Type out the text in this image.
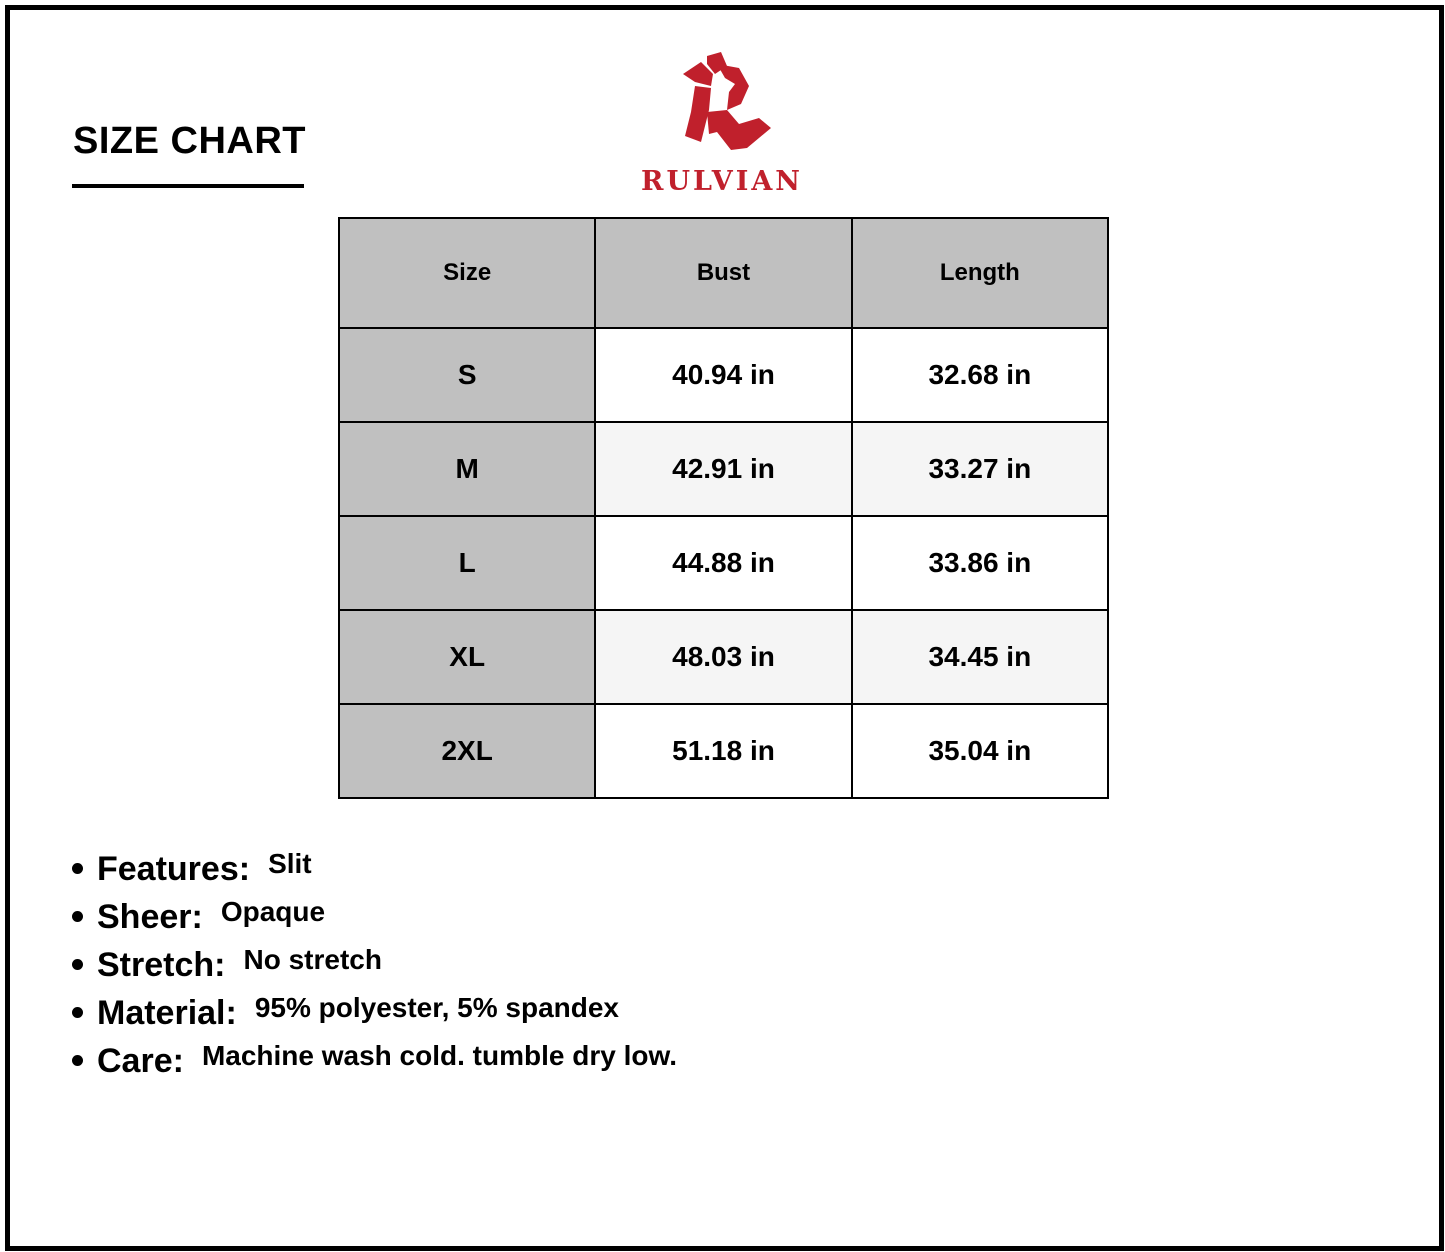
SIZE CHART
RULVIAN
Size	Bust	Length
S	40.94 in	32.68 in
M	42.91 in	33.27 in
L	44.88 in	33.86 in
XL	48.03 in	34.45 in
2XL	51.18 in	35.04 in
Features: Slit
Sheer: Opaque
Stretch: No stretch
Material: 95% polyester, 5% spandex
Care: Machine wash cold. tumble dry low.
